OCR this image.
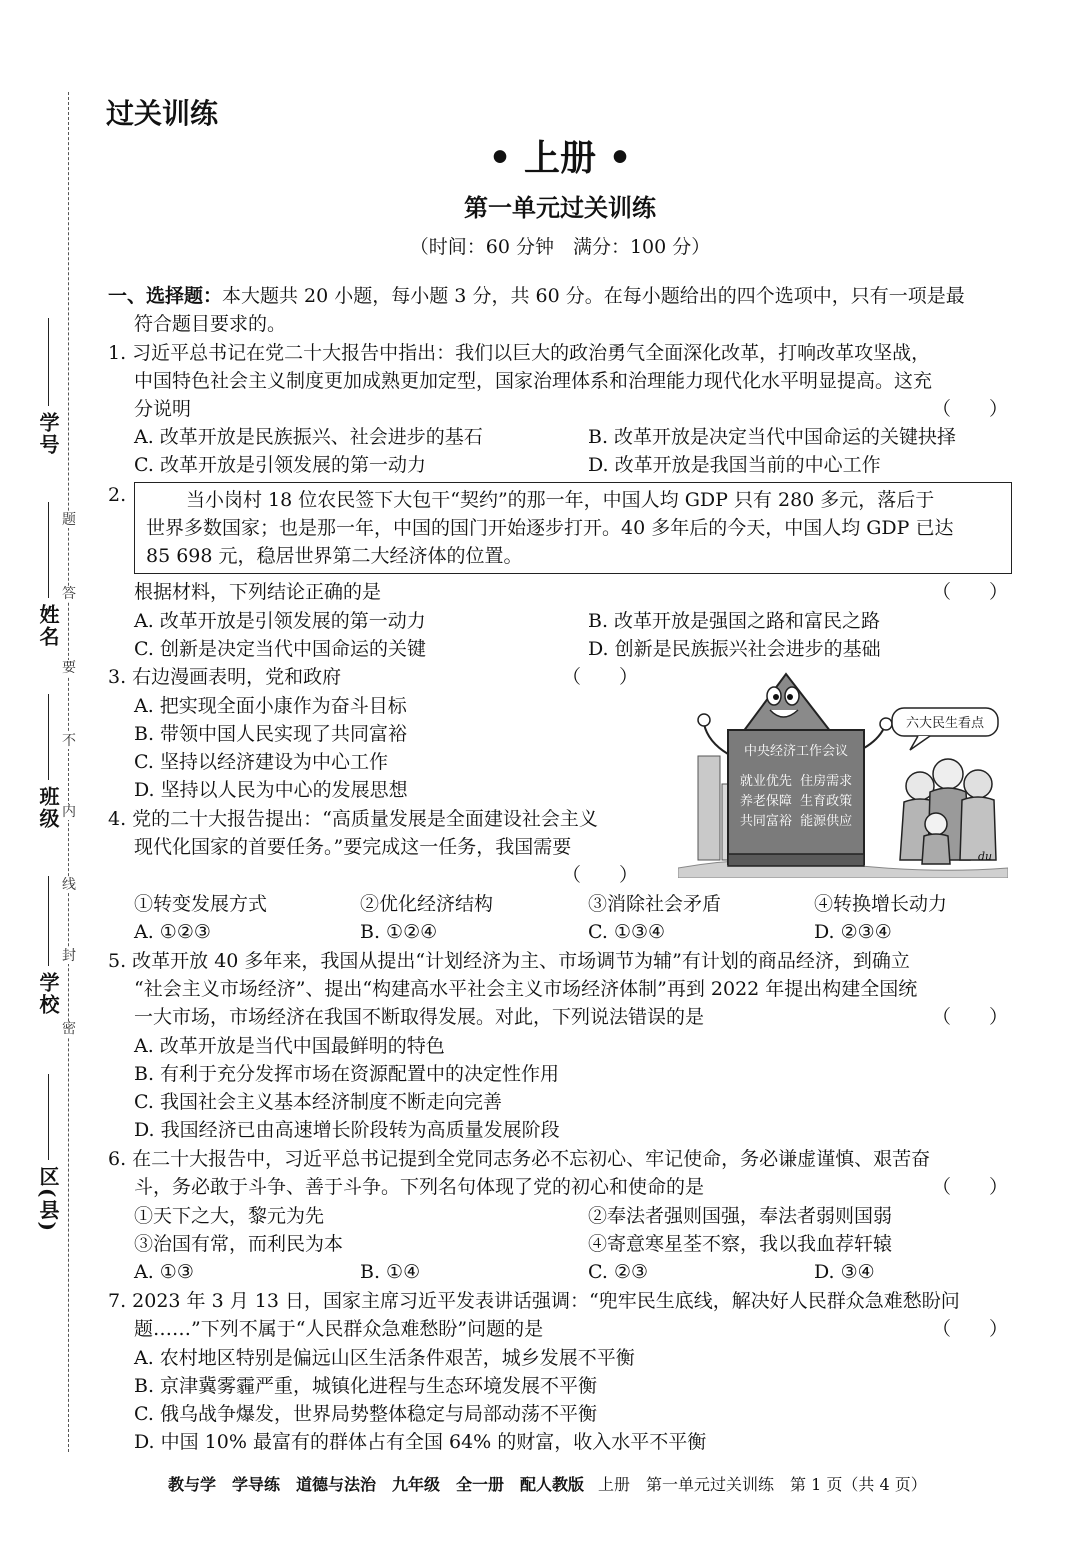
学号
姓名
班级
学校
区(县)
题
答
要
不
内
线
封
密
过关训练
• 上册 •
第一单元过关训练
（时间：60 分钟　满分：100 分）
一、选择题：本大题共 20 小题，每小题 3 分，共 60 分。在每小题给出的四个选项中，只有一项是最
符合题目要求的。
1. 习近平总书记在党二十大报告中指出：我们以巨大的政治勇气全面深化改革，打响改革攻坚战，
中国特色社会主义制度更加成熟更加定型，国家治理体系和治理能力现代化水平明显提高。这充
分说明	（　　）
A. 改革开放是民族振兴、社会进步的基石	B. 改革开放是决定当代中国命运的关键抉择
C. 改革开放是引领发展的第一动力	D. 改革开放是我国当前的中心工作
2.	当小岗村 18 位农民签下大包干“契约”的那一年，中国人均 GDP 只有 280 多元，落后于
世界多数国家；也是那一年，中国的国门开始逐步打开。40 多年后的今天，中国人均 GDP 已达
85 698 元，稳居世界第二大经济体的位置。
根据材料，下列结论正确的是	（　　）
A. 改革开放是引领发展的第一动力	B. 改革开放是强国之路和富民之路
C. 创新是决定当代中国命运的关键	D. 创新是民族振兴社会进步的基础
3. 右边漫画表明，党和政府	（　　）
A. 把实现全面小康作为奋斗目标
B. 带领中国人民实现了共同富裕
C. 坚持以经济建设为中心工作
D. 坚持以人民为中心的发展思想
六大民生看点
中央经济工作会议
就业优先  住房需求
养老保障  生育政策
共同富裕  能源供应
du
4. 党的二十大报告提出：“高质量发展是全面建设社会主义
现代化国家的首要任务。”要完成这一任务，我国需要
（　　）
①转变发展方式	②优化经济结构	③消除社会矛盾	④转换增长动力
A. ①②③	B. ①②④	C. ①③④	D. ②③④
5. 改革开放 40 多年来，我国从提出“计划经济为主、市场调节为辅”有计划的商品经济，到确立
“社会主义市场经济”、提出“构建高水平社会主义市场经济体制”再到 2022 年提出构建全国统
一大市场，市场经济在我国不断取得发展。对此，下列说法错误的是	（　　）
A. 改革开放是当代中国最鲜明的特色
B. 有利于充分发挥市场在资源配置中的决定性作用
C. 我国社会主义基本经济制度不断走向完善
D. 我国经济已由高速增长阶段转为高质量发展阶段
6. 在二十大报告中，习近平总书记提到全党同志务必不忘初心、牢记使命，务必谦虚谨慎、艰苦奋
斗，务必敢于斗争、善于斗争。下列名句体现了党的初心和使命的是	（　　）
①天下之大，黎元为先	②奉法者强则国强，奉法者弱则国弱
③治国有常，而利民为本	④寄意寒星荃不察，我以我血荐轩辕
A. ①③	B. ①④	C. ②③	D. ③④
7. 2023 年 3 月 13 日，国家主席习近平发表讲话强调：“兜牢民生底线，解决好人民群众急难愁盼问
题……”下列不属于“人民群众急难愁盼”问题的是	（　　）
A. 农村地区特别是偏远山区生活条件艰苦，城乡发展不平衡
B. 京津冀雾霾严重，城镇化进程与生态环境发展不平衡
C. 俄乌战争爆发，世界局势整体稳定与局部动荡不平衡
D. 中国 10% 最富有的群体占有全国 64% 的财富，收入水平不平衡
教与学　学导练　道德与法治　九年级　全一册　配人教版 上册　第一单元过关训练　第 1 页（共 4 页）
